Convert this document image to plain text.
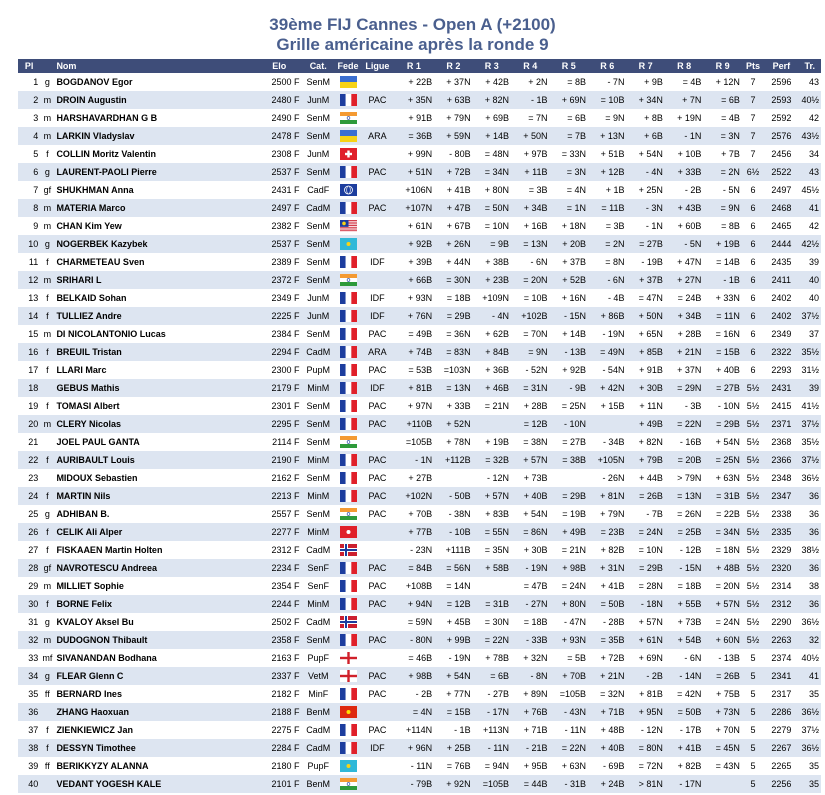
39ème FIJ Cannes - Open A (+2100)
Grille américaine après la ronde 9
Pl		Nom	Elo	Cat.	Fede	Ligue	R 1	R 2	R 3	R 4	R 5	R 6	R 7	R 8	R 9	Pts	Perf	Tr.
1	g	BOGDANOV Egor	2500 F	SenM			+ 22B	+ 37N	+ 42B	+ 2N	= 8B	- 7N	+ 9B	= 4B	+ 12N	7	2596	43
2	m	DROIN Augustin	2480 F	JunM		PAC	+ 35N	+ 63B	+ 82N	- 1B	+ 69N	= 10B	+ 34N	+ 7N	= 6B	7	2593	40½
3	m	HARSHAVARDHAN G B	2490 F	SenM			+ 91B	+ 79N	+ 69B	= 7N	= 6B	= 9N	+ 8B	+ 19N	= 4B	7	2592	42
4	m	LARKIN Vladyslav	2478 F	SenM		ARA	= 36B	+ 59N	+ 14B	+ 50N	= 7B	+ 13N	+ 6B	- 1N	= 3N	7	2576	43½
5	f	COLLIN Moritz Valentin	2308 F	JunM			+ 99N	- 80B	= 48N	+ 97B	= 33N	+ 51B	+ 54N	+ 10B	+ 7B	7	2456	34
6	g	LAURENT-PAOLI Pierre	2537 F	SenM		PAC	+ 51N	+ 72B	= 34N	+ 11B	= 3N	+ 12B	- 4N	+ 33B	= 2N	6½	2522	43
7	gf	SHUKHMAN Anna	2431 F	CadF			+106N	+ 41B	+ 80N	= 3B	= 4N	+ 1B	+ 25N	- 2B	- 5N	6	2497	45½
8	m	MATERIA Marco	2497 F	CadM		PAC	+107N	+ 47B	= 50N	+ 34B	= 1N	= 11B	- 3N	+ 43B	= 9N	6	2468	41
9	m	CHAN Kim Yew	2382 F	SenM			+ 61N	+ 67B	= 10N	+ 16B	+ 18N	= 3B	- 1N	+ 60B	= 8B	6	2465	42
10	g	NOGERBEK Kazybek	2537 F	SenM			+ 92B	+ 26N	= 9B	= 13N	+ 20B	= 2N	= 27B	- 5N	+ 19B	6	2444	42½
11	f	CHARMETEAU Sven	2389 F	SenM		IDF	+ 39B	+ 44N	+ 38B	- 6N	+ 37B	= 8N	- 19B	+ 47N	= 14B	6	2435	39
12	m	SRIHARI L	2372 F	SenM			+ 66B	= 30N	+ 23B	= 20N	+ 52B	- 6N	+ 37B	+ 27N	- 1B	6	2411	40
13	f	BELKAID Sohan	2349 F	JunM		IDF	+ 93N	= 18B	+109N	= 10B	+ 16N	- 4B	= 47N	= 24B	+ 33N	6	2402	40
14	f	TULLIEZ Andre	2225 F	JunM		IDF	+ 76N	= 29B	- 4N	+102B	- 15N	+ 86B	+ 50N	+ 34B	= 11N	6	2402	37½
15	m	DI NICOLANTONIO Lucas	2384 F	SenM		PAC	= 49B	= 36N	+ 62B	= 70N	+ 14B	- 19N	+ 65N	+ 28B	= 16N	6	2349	37
16	f	BREUIL Tristan	2294 F	CadM		ARA	+ 74B	= 83N	+ 84B	= 9N	- 13B	= 49N	+ 85B	+ 21N	= 15B	6	2322	35½
17	f	LLARI Marc	2300 F	PupM		PAC	= 53B	=103N	+ 36B	- 52N	+ 92B	- 54N	+ 91B	+ 37N	+ 40B	6	2293	31½
18		GEBUS Mathis	2179 F	MinM		IDF	+ 81B	= 13N	+ 46B	= 31N	- 9B	+ 42N	+ 30B	= 29N	= 27B	5½	2431	39
19	f	TOMASI Albert	2301 F	SenM		PAC	+ 97N	+ 33B	= 21N	+ 28B	= 25N	+ 15B	+ 11N	- 3B	- 10N	5½	2415	41½
20	m	CLERY Nicolas	2295 F	SenM		PAC	+110B	+ 52N		= 12B	- 10N		+ 49B	= 22N	= 29B	5½	2371	37½
21		JOEL PAUL GANTA	2114 F	SenM			=105B	+ 78N	+ 19B	= 38N	= 27B	- 34B	+ 82N	- 16B	+ 54N	5½	2368	35½
22	f	AURIBAULT Louis	2190 F	MinM		PAC	- 1N	+112B	= 32B	+ 57N	= 38B	+105N	+ 79B	= 20B	= 25N	5½	2366	37½
23		MIDOUX Sebastien	2162 F	SenM		PAC	+ 27B		- 12N	+ 73B		- 26N	+ 44B	> 79N	+ 63N	5½	2348	36½
24	f	MARTIN Nils	2213 F	MinM		PAC	+102N	- 50B	+ 57N	+ 40B	= 29B	+ 81N	= 26B	= 13N	= 31B	5½	2347	36
25	g	ADHIBAN B.	2557 F	SenM		PAC	+ 70B	- 38N	+ 83B	+ 54N	= 19B	+ 79N	- 7B	= 26N	= 22B	5½	2338	36
26	f	CELIK Ali Alper	2277 F	MinM			+ 77B	- 10B	= 55N	= 86N	+ 49B	= 23B	= 24N	= 25B	= 34N	5½	2335	36
27	f	FISKAAEN Martin Holten	2312 F	CadM			- 23N	+111B	= 35N	+ 30B	= 21N	+ 82B	= 10N	- 12B	= 18N	5½	2329	38½
28	gf	NAVROTESCU Andreea	2234 F	SenF		PAC	= 84B	= 56N	+ 58B	- 19N	+ 98B	+ 31N	= 29B	- 15N	+ 48B	5½	2320	36
29	m	MILLIET Sophie	2354 F	SenF		PAC	+108B	= 14N		= 47B	= 24N	+ 41B	= 28N	= 18B	= 20N	5½	2314	38
30	f	BORNE Felix	2244 F	MinM		PAC	+ 94N	= 12B	= 31B	- 27N	+ 80N	= 50B	- 18N	+ 55B	+ 57N	5½	2312	36
31	g	KVALOY Aksel Bu	2502 F	CadM			= 59N	+ 45B	= 30N	= 18B	- 47N	- 28B	+ 57N	+ 73B	= 24N	5½	2290	36½
32	m	DUDOGNON Thibault	2358 F	SenM		PAC	- 80N	+ 99B	= 22N	- 33B	+ 93N	= 35B	+ 61N	+ 54B	+ 60N	5½	2263	32
33	mf	SIVANANDAN Bodhana	2163 F	PupF			= 46B	- 19N	+ 78B	+ 32N	= 5B	+ 72B	+ 69N	- 6N	- 13B	5	2374	40½
34	g	FLEAR Glenn C	2337 F	VetM		PAC	+ 98B	+ 54N	= 6B	- 8N	+ 70B	+ 21N	- 2B	- 14N	= 26B	5	2341	41
35	ff	BERNARD Ines	2182 F	MinF		PAC	- 2B	+ 77N	- 27B	+ 89N	=105B	= 32N	+ 81B	= 42N	+ 75B	5	2317	35
36		ZHANG Haoxuan	2188 F	BenM			= 4N	= 15B	- 17N	+ 76B	- 43N	+ 71B	+ 95N	= 50B	+ 73N	5	2286	36½
37	f	ZIENKIEWICZ Jan	2275 F	CadM		PAC	+114N	- 1B	+113N	+ 71B	- 11N	+ 48B	- 12N	- 17B	+ 70N	5	2279	37½
38	f	DESSYN Timothee	2284 F	CadM		IDF	+ 96N	+ 25B	- 11N	- 21B	= 22N	+ 40B	= 80N	+ 41B	= 45N	5	2267	36½
39	ff	BERIKKYZY ALANNA	2180 F	PupF			- 11N	= 76B	= 94N	+ 95B	+ 63N	- 69B	= 72N	+ 82B	= 43N	5	2265	35
40		VEDANT YOGESH KALE	2101 F	BenM			- 79B	+ 92N	=105B	= 44B	- 31B	+ 24B	> 81N	- 17N		5	2256	35
